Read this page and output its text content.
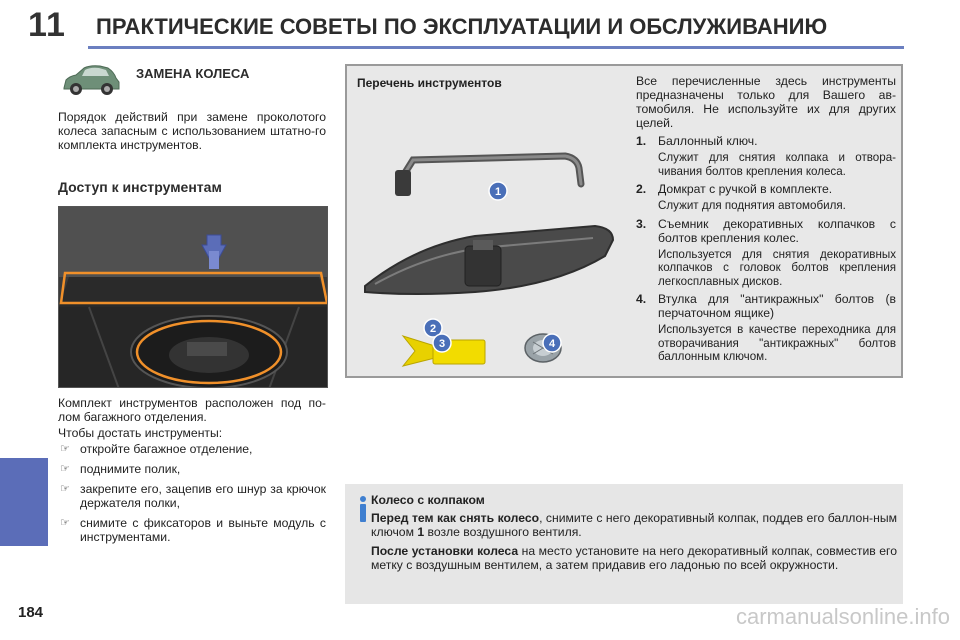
11 ПРАКТИЧЕСКИЕ СОВЕТЫ ПО ЭКСПЛУАТАЦИИ И ОБСЛУЖИВАНИЮ
184	carmanualsonline.info
ЗАМЕНА КОЛЕСА
Порядок действий при замене проколотого колеса запасным с использованием штатно-го комплекта инструментов.
Доступ к инструментам
Комплект инструментов расположен под по-лом багажного отделения.
Чтобы достать инструменты:
☞ откройте багажное отделение,
☞ поднимите полик,
☞ закрепите его, зацепив его шнур за крючок держателя полки,
☞ снимите с фиксаторов и выньте модуль с инструментами.
Перечень инструментов
1
2
3	4
Все перечисленные здесь инструменты предназначены только для Вашего ав-томобиля. Не используйте их для других целей.
1. Баллонный ключ.
Служит для снятия колпака и отвора-чивания болтов крепления колеса.
2. Домкрат с ручкой в комплекте.
Служит для поднятия автомобиля.
3. Съемник декоративных колпачков с болтов крепления колес.
Используется для снятия декоративных колпачков с головок болтов крепления легкосплавных дисков.
4. Втулка для "антикражных" болтов (в перчаточном ящике)
Используется в качестве переходника для отворачивания "антикражных" болтов баллонным ключом.
Колесо с колпаком
Перед тем как снять колесо, снимите с него декоративный колпак, поддев его баллон-ным ключом 1 возле воздушного вентиля.
После установки колеса на место установите на него декоративный колпак, совместив его метку с воздушным вентилем, а затем придавив его ладонью по всей окружности.
